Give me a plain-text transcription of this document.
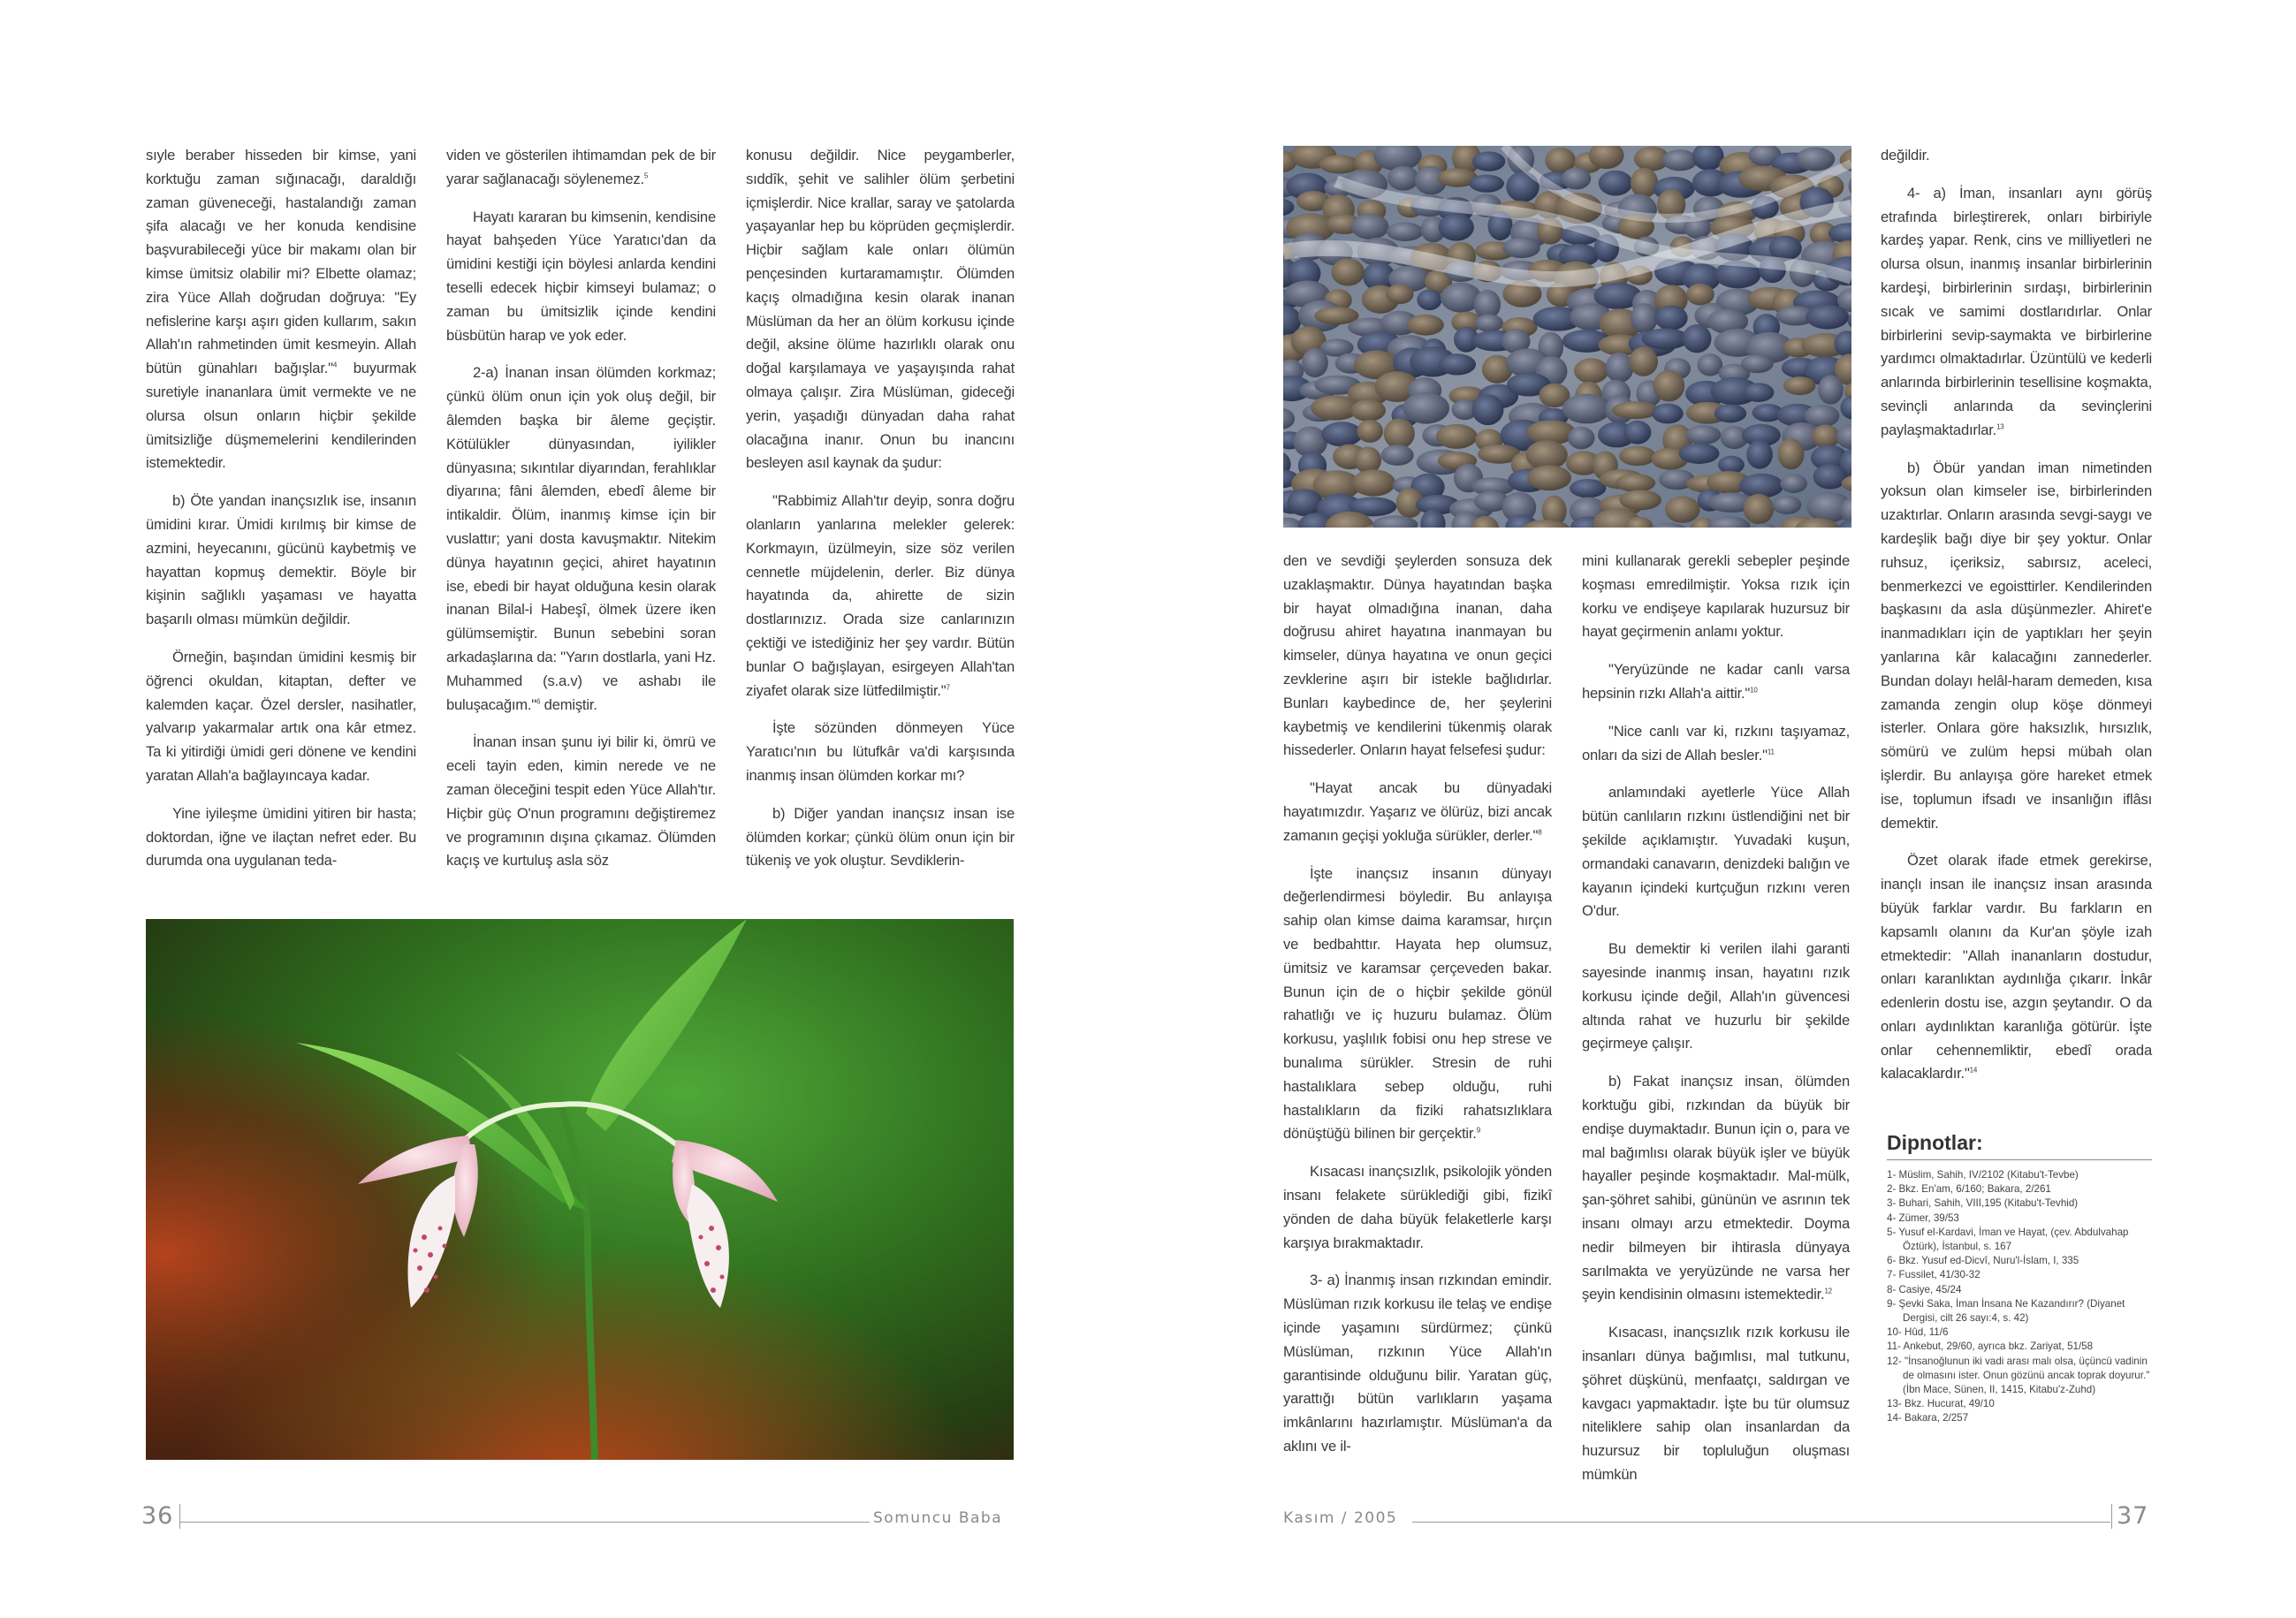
sıyle beraber hisseden bir kimse, yani korktuğu zaman sığınacağı, daraldığı zaman güveneceği, hastalandığı zaman şifa alacağı ve her konuda kendisine başvurabileceği yüce bir makamı olan bir kimse ümitsiz olabilir mi? Elbette olamaz; zira Yüce Allah doğrudan doğruya: "Ey nefislerine karşı aşırı giden kullarım, sakın Allah'ın rahmetinden ümit kesmeyin. Allah bütün günahları bağışlar."$^4$ buyurmak suretiyle inananlara ümit vermekte ve ne olursa olsun onların hiçbir şekilde ümitsizliğe düşmemelerini kendilerinden istemektedir.

b) Öte yandan inançsızlık ise, insanın ümidini kırar. Ümidi kırılmış bir kimse de azmini, heyecanını, gücünü kaybetmiş ve hayattan kopmuş demektir. Böyle bir kişinin sağlıklı yaşaması ve hayatta başarılı olması mümkün değildir.

Örneğin, başından ümidini kesmiş bir öğrenci okuldan, kitaptan, defter ve kalemden kaçar. Özel dersler, nasihatler, yalvarıp yakarmalar artık ona kâr etmez. Ta ki yitirdiği ümidi geri dönene ve kendini yaratan Allah'a bağlayıncaya kadar.

Yine iyileşme ümidini yitiren bir hasta; doktordan, iğne ve ilaçtan nefret eder. Bu durumda ona uygulanan teda-

viden ve gösterilen ihtimamdan pek de bir yarar sağlanacağı söylenemez.$^5$

Hayatı kararan bu kimsenin, kendisine hayat bahşeden Yüce Yaratıcı'dan da ümidini kestiği için böylesi anlarda kendini teselli edecek hiçbir kimseyi bulamaz; o zaman bu ümitsizlik içinde kendini büsbütün harap ve yok eder.

2-a) İnanan insan ölümden korkmaz; çünkü ölüm onun için yok oluş değil, bir âlemden başka bir âleme geçiştir. Kötülükler dünyasından, iyilikler dünyasına; sıkıntılar diyarından, ferahlıklar diyarına; fâni âlemden, ebedî âleme bir intikaldir. Ölüm, inanmış kimse için bir vuslattır; yani dosta kavuşmaktır. Nitekim dünya hayatının geçici, ahiret hayatının ise, ebedi bir hayat olduğuna kesin olarak inanan Bilal-i Habeşî, ölmek üzere iken gülümsemiştir. Bunun sebebini soran arkadaşlarına da: "Yarın dostlarla, yani Hz. Muhammed (s.a.v) ve ashabı ile buluşacağım."$^6$ demiştir.

İnanan insan şunu iyi bilir ki, ömrü ve eceli tayin eden, kimin nerede ve ne zaman öleceğini tespit eden Yüce Allah'tır. Hiçbir güç O'nun programını değiştiremez ve programının dışına çıkamaz. Ölümden kaçış ve kurtuluş asla söz

konusu değildir. Nice peygamberler, sıddîk, şehit ve salihler ölüm şerbetini içmişlerdir. Nice krallar, saray ve şatolarda yaşayanlar hep bu köprüden geçmişlerdir. Hiçbir sağlam kale onları ölümün pençesinden kurtaramamıştır. Ölümden kaçış olmadığına kesin olarak inanan Müslüman da her an ölüm korkusu içinde değil, aksine ölüme hazırlıklı olarak onu doğal karşılamaya ve yaşayışında rahat olmaya çalışır. Zira Müslüman, gideceği yerin, yaşadığı dünyadan daha rahat olacağına inanır. Onun bu inancını besleyen asıl kaynak da şudur:

"Rabbimiz Allah'tır deyip, sonra doğru olanların yanlarına melekler gelerek: Korkmayın, üzülmeyin, size söz verilen cennetle müjdelenin, derler. Biz dünya hayatında da, ahirette de sizin dostlarınızız. Orada size canlarınızın çektiği ve istediğiniz her şey vardır. Bütün bunlar O bağışlayan, esirgeyen Allah'tan ziyafet olarak size lütfedilmiştir."$^7$

İşte sözünden dönmeyen Yüce Yaratıcı'nın bu lütufkâr va'di karşısında inanmış insan ölümden korkar mı?

b) Diğer yandan inançsız insan ise ölümden korkar; çünkü ölüm onun için bir tükeniş ve yok oluştur. Sevdiklerin-

den ve sevdiği şeylerden sonsuza dek uzaklaşmaktır. Dünya hayatından başka bir hayat olmadığına inanan, daha doğrusu ahiret hayatına inanmayan bu kimseler, dünya hayatına ve onun geçici zevklerine aşırı bir istekle bağlıdırlar. Bunları kaybedince de, her şeylerini kaybetmiş ve kendilerini tükenmiş olarak hissederler. Onların hayat felsefesi şudur:

"Hayat ancak bu dünyadaki hayatımızdır. Yaşarız ve ölürüz, bizi ancak zamanın geçişi yokluğa sürükler, derler."$^8$

İşte inançsız insanın dünyayı değerlendirmesi böyledir. Bu anlayışa sahip olan kimse daima karamsar, hırçın ve bedbahttır. Hayata hep olumsuz, ümitsiz ve karamsar çerçeveden bakar. Bunun için de o hiçbir şekilde gönül rahatlığı ve iç huzuru bulamaz. Ölüm korkusu, yaşlılık fobisi onu hep strese ve bunalıma sürükler. Stresin de ruhi hastalıklara sebep olduğu, ruhi hastalıkların da fiziki rahatsızlıklara dönüştüğü bilinen bir gerçektir.$^9$

Kısacası inançsızlık, psikolojik yönden insanı felakete sürüklediği gibi, fizikî yönden de daha büyük felaketlerle karşı karşıya bırakmaktadır.

3- a) İnanmış insan rızkından emindir. Müslüman rızık korkusu ile telaş ve endişe içinde yaşamını sürdürmez; çünkü Müslüman, rızkının Yüce Allah'ın garantisinde olduğunu bilir. Yaratan güç, yarattığı bütün varlıkların yaşama imkânlarını hazırlamıştır. Müslüman'a da aklını ve il-

mini kullanarak gerekli sebepler peşinde koşması emredilmiştir. Yoksa rızık için korku ve endişeye kapılarak huzursuz bir hayat geçirmenin anlamı yoktur.

"Yeryüzünde ne kadar canlı varsa hepsinin rızkı Allah'a aittir."$^{10}$

"Nice canlı var ki, rızkını taşıyamaz, onları da sizi de Allah besler."$^{11}$

anlamındaki ayetlerle Yüce Allah bütün canlıların rızkını üstlendiğini net bir şekilde açıklamıştır. Yuvadaki kuşun, ormandaki canavarın, denizdeki balığın ve kayanın içindeki kurtçuğun rızkını veren O'dur.

Bu demektir ki verilen ilahi garanti sayesinde inanmış insan, hayatını rızık korkusu içinde değil, Allah'ın güvencesi altında rahat ve huzurlu bir şekilde geçirmeye çalışır.

b) Fakat inançsız insan, ölümden korktuğu gibi, rızkından da büyük bir endişe duymaktadır. Bunun için o, para ve mal bağımlısı olarak büyük işler ve büyük hayaller peşinde koşmaktadır. Mal-mülk, şan-şöhret sahibi, gününün ve asrının tek insanı olmayı arzu etmektedir. Doyma nedir bilmeyen bir ihtirasla dünyaya sarılmakta ve yeryüzünde ne varsa her şeyin kendisinin olmasını istemektedir.$^{12}$

Kısacası, inançsızlık rızık korkusu ile insanları dünya bağımlısı, mal tutkunu, şöhret düşkünü, menfaatçı, saldırgan ve kavgacı yapmaktadır. İşte bu tür olumsuz niteliklere sahip olan insanlardan da huzursuz bir topluluğun oluşması mümkün

değildir.

4- a) İman, insanları aynı görüş etrafında birleştirerek, onları birbiriyle kardeş yapar. Renk, cins ve milliyetleri ne olursa olsun, inanmış insanlar birbirlerinin kardeşi, birbirlerinin sırdaşı, birbirlerinin sıcak ve samimi dostlarıdırlar. Onlar birbirlerini sevip-saymakta ve birbirlerine yardımcı olmaktadırlar. Üzüntülü ve kederli anlarında birbirlerinin tesellisine koşmakta, sevinçli anlarında da sevinçlerini paylaşmaktadırlar.$^{13}$

b) Öbür yandan iman nimetinden yoksun olan kimseler ise, birbirlerinden uzaktırlar. Onların arasında sevgi-saygı ve kardeşlik bağı diye bir şey yoktur. Onlar ruhsuz, içeriksiz, sabırsız, aceleci, benmerkezci ve egoisttirler. Kendilerinden başkasını da asla düşünmezler. Ahiret'e inanmadıkları için de yaptıkları her şeyin yanlarına kâr kalacağını zannederler. Bundan dolayı helâl-haram demeden, kısa zamanda zengin olup köşe dönmeyi isterler. Onlara göre haksızlık, hırsızlık, sömürü ve zulüm hepsi mübah olan işlerdir. Bu anlayışa göre hareket etmek ise, toplumun ifsadı ve insanlığın iflâsı demektir.

Özet olarak ifade etmek gerekirse, inançlı insan ile inançsız insan arasında büyük farklar vardır. Bu farkların en kapsamlı olanını da Kur'an şöyle izah etmektedir: "Allah inananların dostudur, onları karanlıktan aydınlığa çıkarır. İnkâr edenlerin dostu ise, azgın şeytandır. O da onları aydınlıktan karanlığa götürür. İşte onlar cehennemliktir, ebedî orada kalacaklardır."$^{14}$

Dipnotlar:
1- Müslim, Sahih, IV/2102 (Kitabu't-Tevbe)
2- Bkz. En'am, 6/160; Bakara, 2/261
3- Buhari, Sahih, VIII,195 (Kitabu't-Tevhid)
4- Zümer, 39/53
5- Yusuf el-Kardavi, İman ve Hayat, (çev. Abdulvahap Öztürk), İstanbul, s. 167
6- Bkz. Yusuf ed-Dicvî, Nuru'l-İslam, I, 335
7- Fussilet, 41/30-32
8- Casiye, 45/24
9- Şevki Saka, İman İnsana Ne Kazandırır? (Diyanet Dergisi, cilt 26 sayı:4, s. 42)
10- Hûd, 11/6
11- Ankebut, 29/60, ayrıca bkz. Zariyat, 51/58
12- "İnsanoğlunun iki vadi arası malı olsa, üçüncü vadinin de olmasını ister. Onun gözünü ancak toprak doyurur." (İbn Mace, Sünen, II, 1415, Kitabu'z-Zuhd)
13- Bkz. Hucurat, 49/10
14- Bakara, 2/257
36	Somuncu Baba	Kasım / 2005	37
